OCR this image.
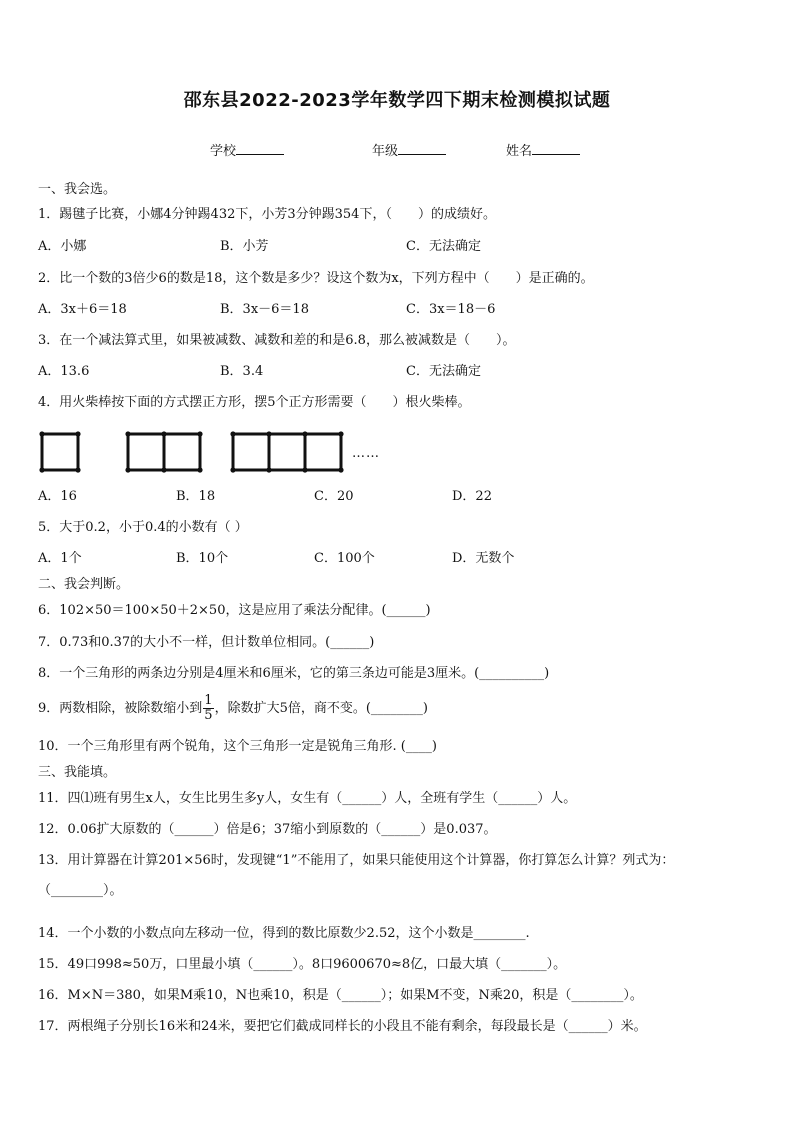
邵东县2022-2023学年数学四下期末检测模拟试题
学校	年级	姓名
一、我会选。
1．踢毽子比赛，小娜4分钟踢432下，小芳3分钟踢354下，（　　）的成绩好。
A．小娜	B．小芳	C．无法确定
2．比一个数的3倍少6的数是18，这个数是多少？设这个数为x，下列方程中（　　）是正确的。
A．3x＋6＝18	B．3x－6＝18	C．3x＝18－6
3．在一个减法算式里，如果被减数、减数和差的和是6.8，那么被减数是（　　）。
A．13.6	B．3.4	C．无法确定
4．用火柴棒按下面的方式摆正方形，摆5个正方形需要（　　）根火柴棒。
……
A．16	B．18	C．20	D．22
5．大于0.2，小于0.4的小数有（ ）
A．1个	B．10个	C．100个	D．无数个
二、我会判断。
6．102×50＝100×50＋2×50，这是应用了乘法分配律。(______)
7．0.73和0.37的大小不一样，但计数单位相同。(______)
8．一个三角形的两条边分别是4厘米和6厘米，它的第三条边可能是3厘米。(__________)
9．两数相除，被除数缩小到 $\frac{1}{5}$ ，除数扩大5倍，商不变。(________)
10．一个三角形里有两个锐角，这个三角形一定是锐角三角形. (____)
三、我能填。
11．四⑴班有男生x人，女生比男生多y人，女生有（______）人，全班有学生（______）人。
12．0.06扩大原数的（______）倍是6；37缩小到原数的（______）是0.037。
13．用计算器在计算201×56时，发现键“1”不能用了，如果只能使用这个计算器，你打算怎么计算？列式为：
（________）。
14．一个小数的小数点向左移动一位，得到的数比原数少2.52，这个小数是________.
15．49口998≈50万，口里最小填（______）。8口9600670≈8亿，口最大填（_______）。
16．M×N＝380，如果M乘10，N也乘10，积是（______）；如果M不变，N乘20，积是（________）。
17．两根绳子分别长16米和24米，要把它们截成同样长的小段且不能有剩余，每段最长是（______）米。
